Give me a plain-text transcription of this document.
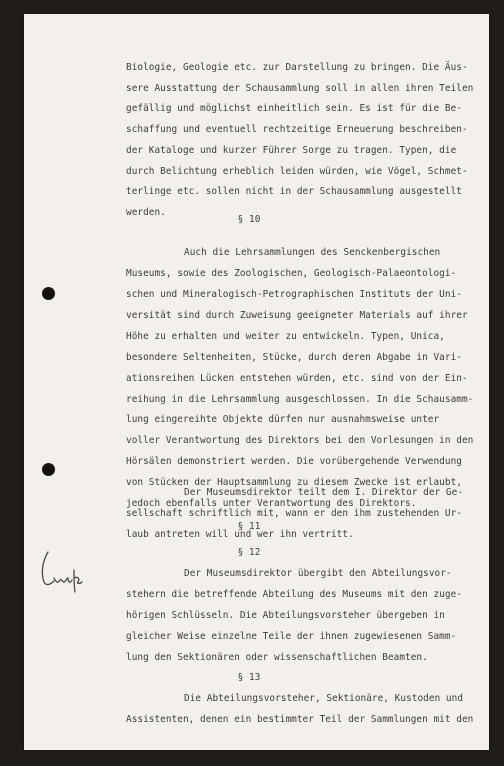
Biologie, Geologie etc. zur Darstellung zu bringen. Die Äus-
sere Ausstattung der Schausammlung soll in allen ihren Teilen
gefällig und möglichst einheitlich sein. Es ist für die Be-
schaffung und eventuell rechtzeitige Erneuerung beschreiben-
der Kataloge und kurzer Führer Sorge zu tragen. Typen, die
durch Belichtung erheblich leiden würden, wie Vögel, Schmet-
terlinge etc. sollen nicht in der Schausammlung ausgestellt
werden.
§ 10
Auch die Lehrsammlungen des Senckenbergischen
Museums, sowie des Zoologischen, Geologisch-Palaeontologi-
schen und Mineralogisch-Petrographischen Instituts der Uni-
versität sind durch Zuweisung geeigneter Materials auf ihrer
Höhe zu erhalten und weiter zu entwickeln. Typen, Unica,
besondere Seltenheiten, Stücke, durch deren Abgabe in Vari-
ationsreihen Lücken entstehen würden, etc. sind von der Ein-
reihung in die Lehrsammlung ausgeschlossen. In die Schausamm-
lung eingereihte Objekte dürfen nur ausnahmsweise unter
voller Verantwortung des Direktors bei den Vorlesungen in den
Hörsälen demonstriert werden. Die vorübergehende Verwendung
von Stücken der Hauptsammlung zu diesem Zwecke ist erlaubt,
jedoch ebenfalls unter Verantwortung des Direktors.
§ 11
Der Museumsdirektor teilt dem I. Direktor der Ge-
sellschaft schriftlich mit, wann er den ihm zustehenden Ur-
laub antreten will und wer ihn vertritt.
§ 12
Der Museumsdirektor übergibt den Abteilungsvor-
stehern die betreffende Abteilung des Museums mit den zuge-
hörigen Schlüsseln. Die Abteilungsvorsteher übergeben in
gleicher Weise einzelne Teile der ihnen zugewiesenen Samm-
lung den Sektionären oder wissenschaftlichen Beamten.
§ 13
Die Abteilungsvorsteher, Sektionäre, Kustoden und
Assistenten, denen ein bestimmter Teil der Sammlungen mit den
